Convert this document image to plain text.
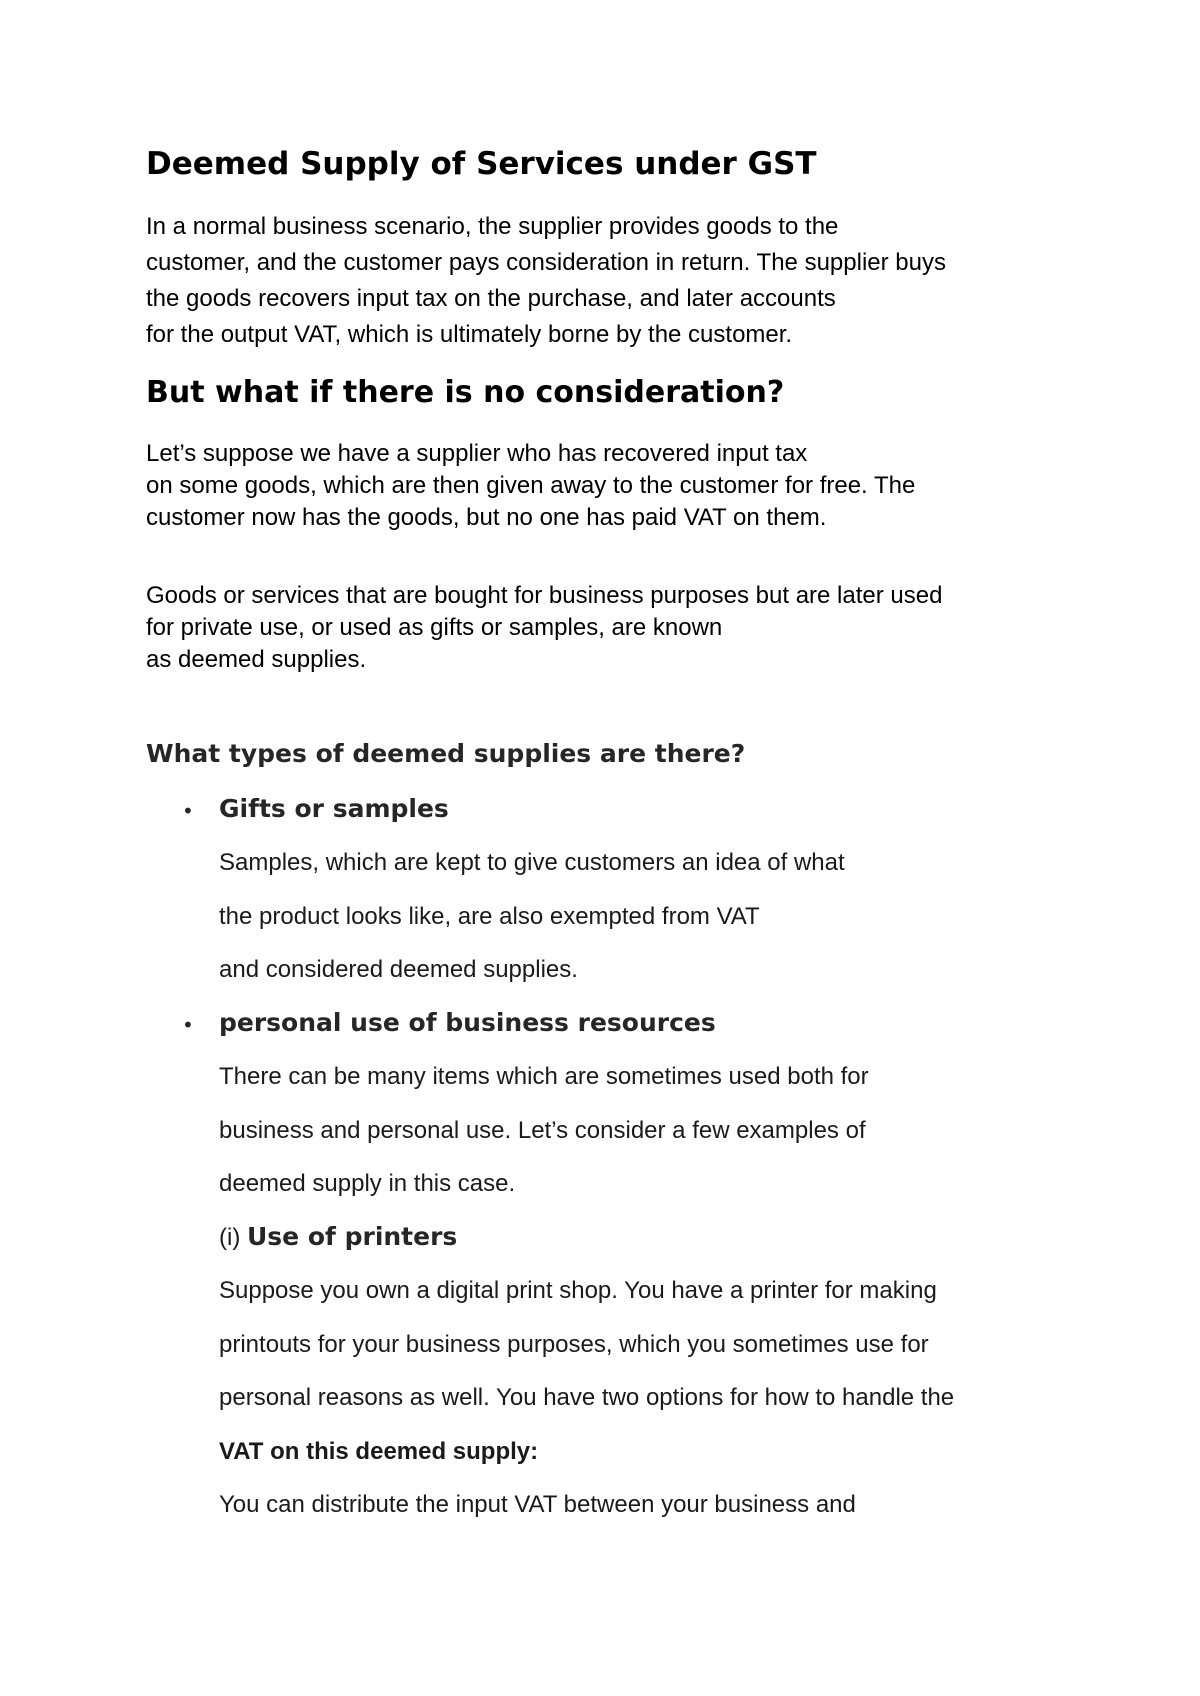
Deemed Supply of Services under GST

In a normal business scenario, the supplier provides goods to the
customer, and the customer pays consideration in return. The supplier buys
the goods recovers input tax on the purchase, and later accounts
for the output VAT, which is ultimately borne by the customer.

But what if there is no consideration?

Let’s suppose we have a supplier who has recovered input tax
on some goods, which are then given away to the customer for free. The
customer now has the goods, but no one has paid VAT on them.

Goods or services that are bought for business purposes but are later used
for private use, or used as gifts or samples, are known
as deemed supplies.

What types of deemed supplies are there?
• Gifts or samples
Samples, which are kept to give customers an idea of what
the product looks like, are also exempted from VAT
and considered deemed supplies.
• personal use of business resources
There can be many items which are sometimes used both for
business and personal use. Let’s consider a few examples of
deemed supply in this case.
(i) Use of printers
Suppose you own a digital print shop. You have a printer for making
printouts for your business purposes, which you sometimes use for
personal reasons as well. You have two options for how to handle the
VAT on this deemed supply:
You can distribute the input VAT between your business and
